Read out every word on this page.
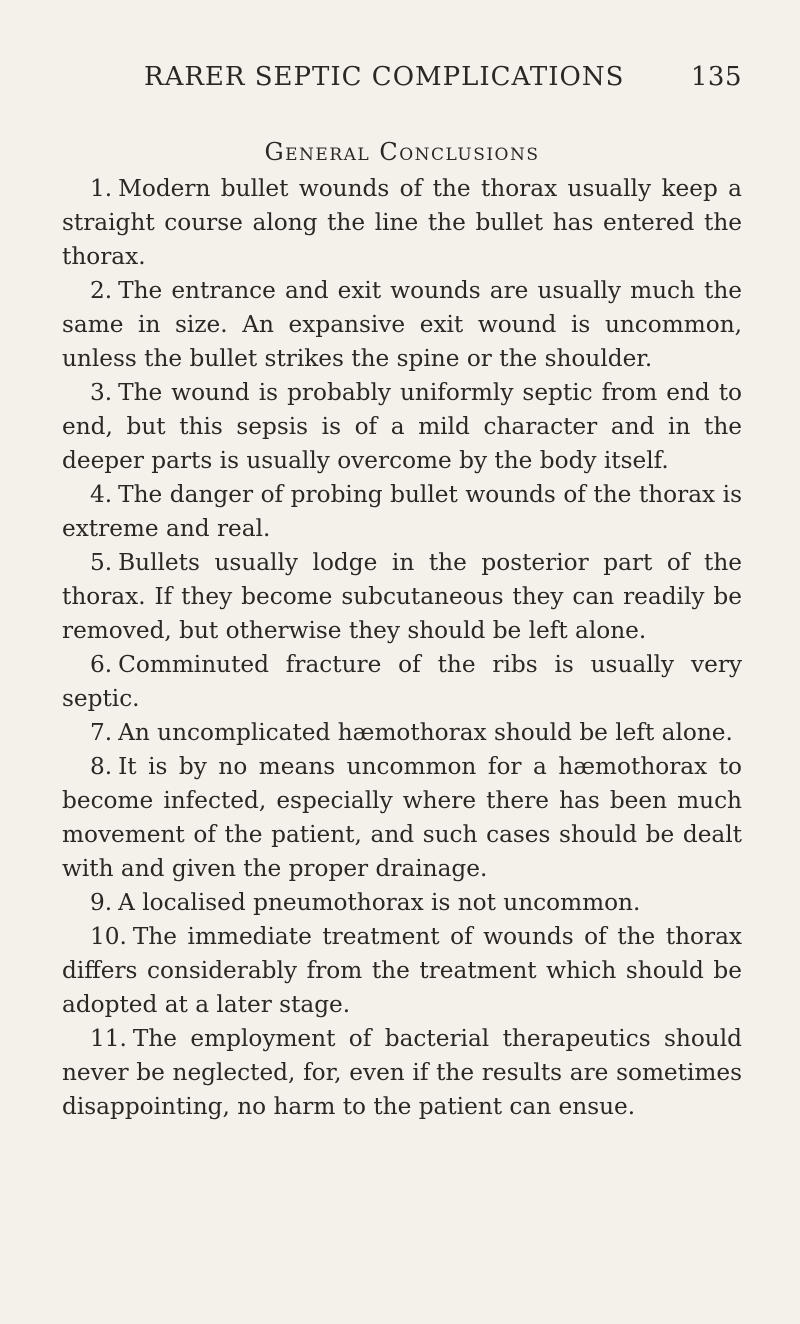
RARER SEPTIC COMPLICATIONS	135
General Conclusions

1. Modern bullet wounds of the thorax usually keep a straight course along the line the bullet has entered the thorax.

2. The entrance and exit wounds are usually much the same in size. An expansive exit wound is uncommon, unless the bullet strikes the spine or the shoulder.

3. The wound is probably uniformly septic from end to end, but this sepsis is of a mild character and in the deeper parts is usually overcome by the body itself.

4. The danger of probing bullet wounds of the thorax is extreme and real.

5. Bullets usually lodge in the posterior part of the thorax. If they become subcutaneous they can readily be removed, but otherwise they should be left alone.

6. Comminuted fracture of the ribs is usually very septic.

7. An uncomplicated hæmothorax should be left alone.

8. It is by no means uncommon for a hæmothorax to become infected, especially where there has been much movement of the patient, and such cases should be dealt with and given the proper drainage.

9. A localised pneumothorax is not uncommon.

10. The immediate treatment of wounds of the thorax differs considerably from the treatment which should be adopted at a later stage.

11. The employment of bacterial therapeutics should never be neglected, for, even if the results are sometimes disappointing, no harm to the patient can ensue.
